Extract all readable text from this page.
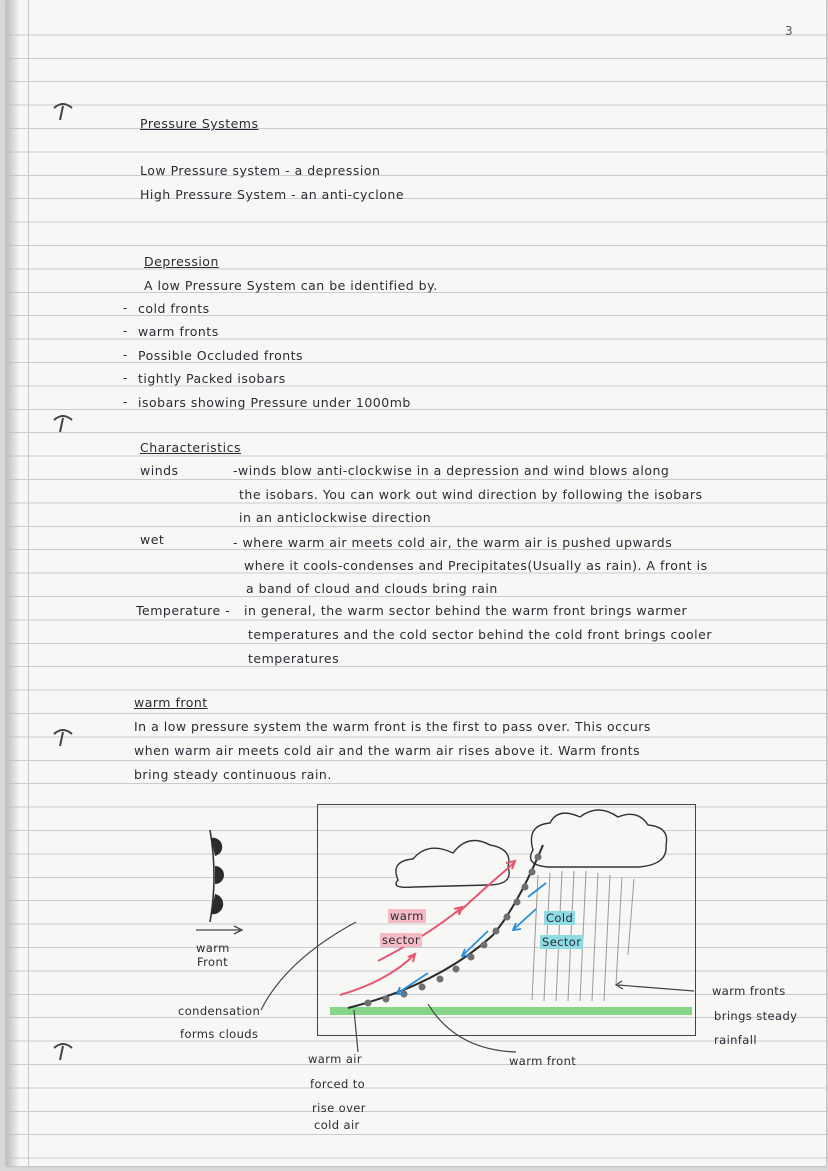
3
Pressure Systems
Low Pressure system - a depression
High Pressure System - an anti-cyclone
Depression
A low Pressure System can be identified by.
- cold fronts
- warm fronts
- Possible Occluded fronts
- tightly Packed isobars
- isobars showing Pressure under 1000mb
Characteristics
winds	-winds blow anti-clockwise in a depression and wind blows along
the isobars. You can work out wind direction by following the isobars
in an anticlockwise direction
wet	- where warm air meets cold air, the warm air is pushed upwards
where it cools-condenses and Precipitates(Usually as rain). A front is
a band of cloud and clouds bring rain
Temperature - in general, the warm sector behind the warm front brings warmer
temperatures and the cold sector behind the cold front brings cooler
temperatures
warm front
In a low pressure system the warm front is the first to pass over. This occurs
when warm air meets cold air and the warm air rises above it. Warm fronts
bring steady continuous rain.
warm
Front
warm
sector
Cold
Sector
condensation
forms clouds
warm air
forced to
rise over
cold air
warm front
warm fronts
brings steady
rainfall
